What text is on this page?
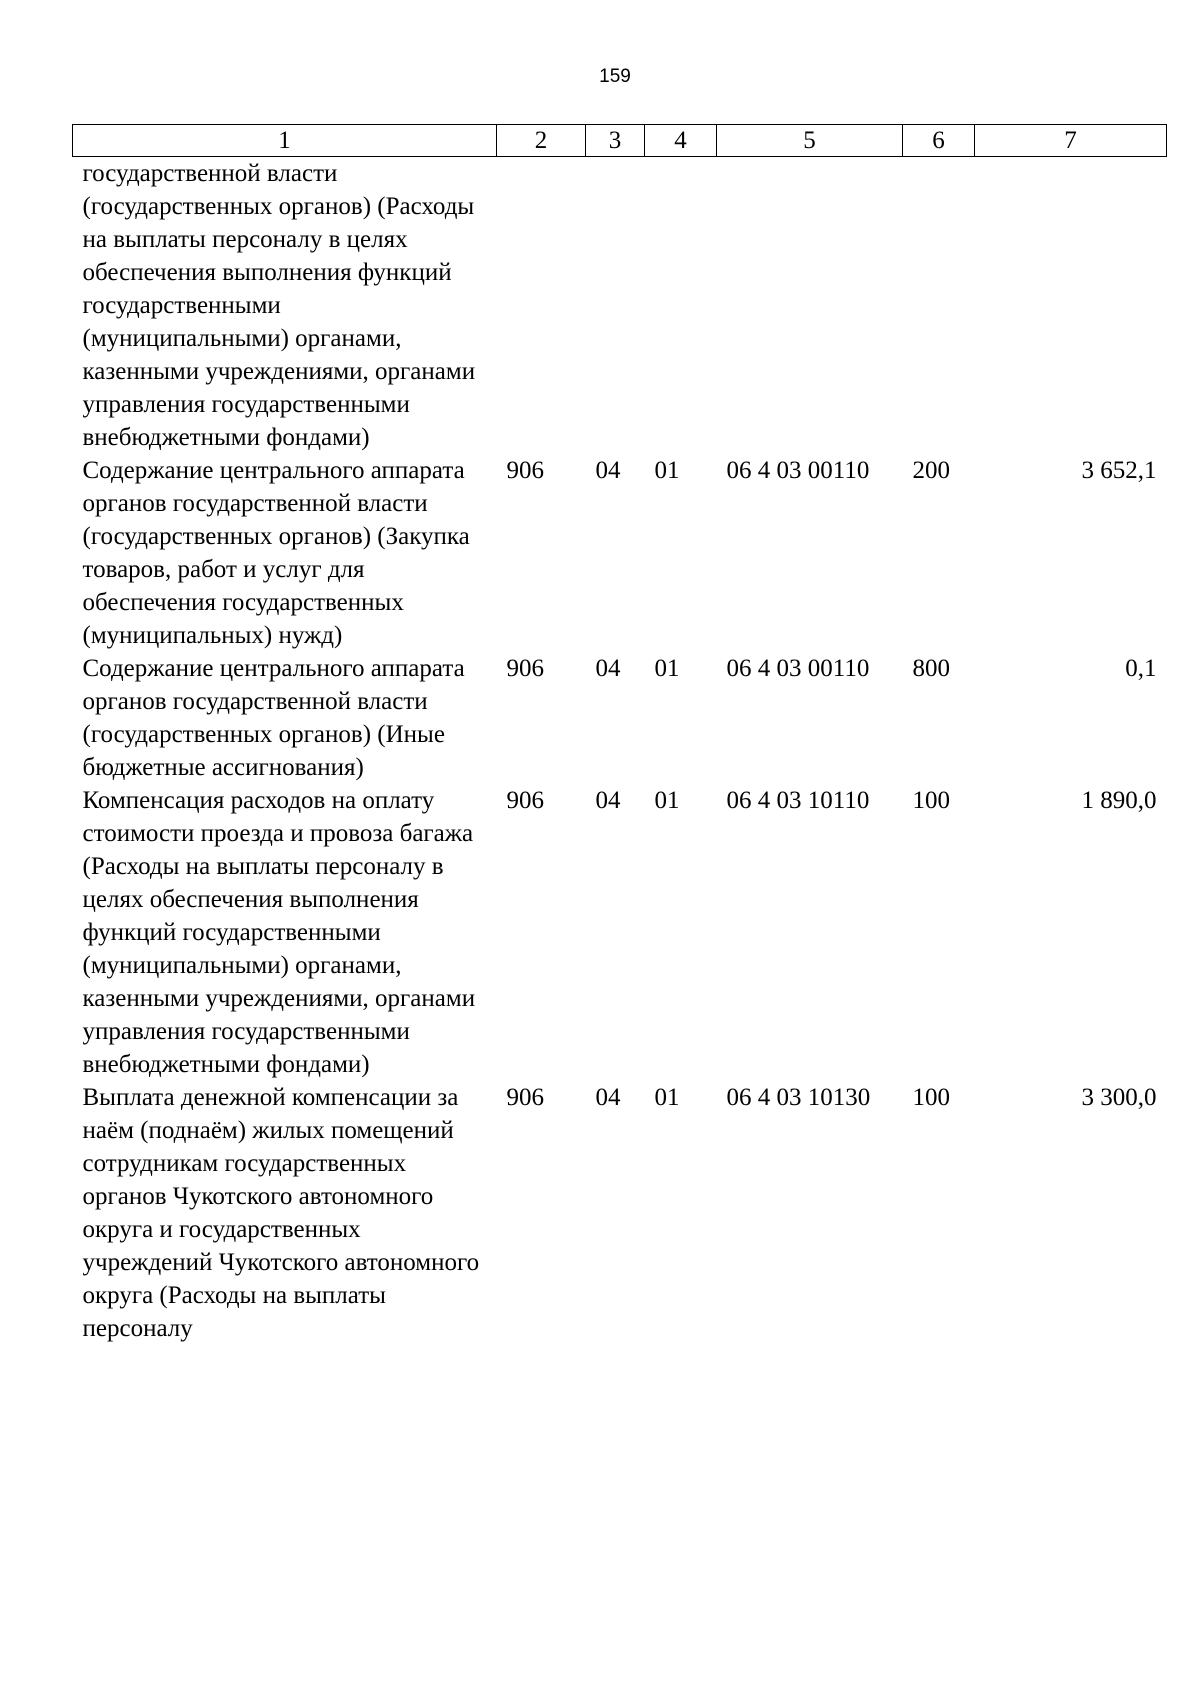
159
1	2	3	4	5	6	7
государственной власти (государственных органов) (Расходы на выплаты персоналу в целях обеспечения выполнения функций государственными (муниципальными) органами, казенными учреждениями, органами управления государственными внебюджетными фондами)						
Содержание центрального аппарата органов государственной власти (государственных органов) (Закупка товаров, работ и услуг для обеспечения государственных (муниципальных) нужд)	906	04	01	06 4 03 00110	200	3 652,1
Содержание центрального аппарата органов государственной власти (государственных органов) (Иные бюджетные ассигнования)	906	04	01	06 4 03 00110	800	0,1
Компенсация расходов на оплату стоимости проезда и провоза багажа (Расходы на выплаты персоналу в целях обеспечения выполнения функций государственными (муниципальными) органами, казенными учреждениями, органами управления государственными внебюджетными фондами)	906	04	01	06 4 03 10110	100	1 890,0
Выплата денежной компенсации за наём (поднаём) жилых помещений сотрудникам государственных органов Чукотского автономного округа и государственных учреждений Чукотского автономного округа (Расходы на выплаты персоналу	906	04	01	06 4 03 10130	100	3 300,0
